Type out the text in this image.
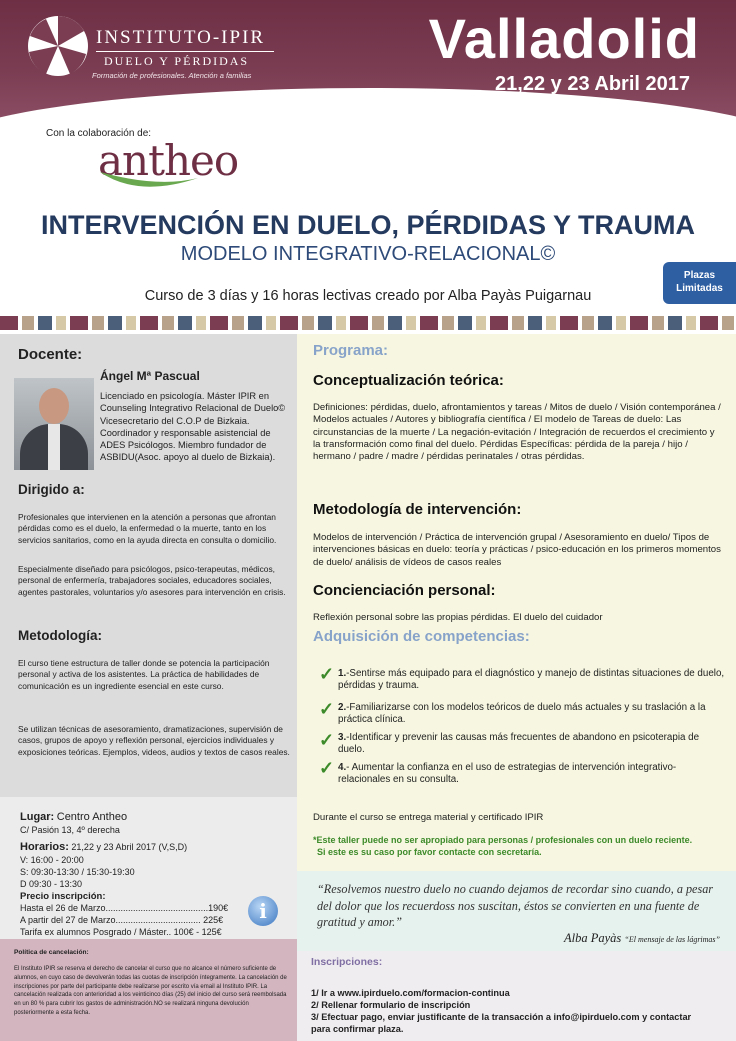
INSTITUTO-IPIR
DUELO Y PÉRDIDAS
Formación de profesionales. Atención a familias
Valladolid
21,22 y 23 Abril 2017
Con la colaboración de:
antheo
INTERVENCIÓN EN DUELO, PÉRDIDAS Y TRAUMA
MODELO INTEGRATIVO-RELACIONAL©
Curso de 3 días y 16 horas lectivas creado por Alba Payàs Puigarnau
Plazas
Limitadas
Docente:
Ángel Mª Pascual
Licenciado en psicología. Máster IPIR en Counseling Integrativo Relacional de Duelo© Vicesecretario del C.O.P de Bizkaia. Coordinador y responsable asistencial de ADES Psicólogos. Miembro fundador de ASBIDU(Asoc. apoyo al duelo de Bizkaia).
Dirigido a:
Profesionales que intervienen en la atención a personas que afrontan pérdidas como es el duelo, la enfermedad o la muerte, tanto en los servicios sanitarios, como en la ayuda directa en consulta o domicilio.
Especialmente diseñado para psicólogos, psico-terapeutas, médicos, personal de enfermería, trabajadores sociales, educadores sociales, agentes pastorales, voluntarios y/o asesores para intervención en crisis.
Metodología:
El curso tiene estructura de taller donde se potencia la participación personal y activa de los asistentes. La práctica de habilidades de comunicación es un ingrediente esencial en este curso.
Se utilizan técnicas de asesoramiento, dramatizaciones, supervisión de casos, grupos de apoyo y reflexión personal, ejercicios individuales y exposiciones teóricas. Ejemplos, videos, audios y textos de casos reales.
Lugar: Centro Antheo
C/ Pasión 13, 4º derecha
Horarios: 21,22 y 23 Abril 2017 (V,S,D)
V: 16:00 - 20:00
S: 09:30-13:30 / 15:30-19:30
D 09:30 - 13:30
Precio inscripción:
Hasta el 26 de Marzo.........................................190€
A partir del 27 de Marzo.................................. 225€
Tarifa ex alumnos Posgrado / Máster.. 100€ - 125€
i
Política de cancelación:
El Instituto IPIR se reserva el derecho de cancelar el curso que no alcance el número suficiente de alumnos, en cuyo caso de devolverán todas las cuotas de inscripción íntegramente. La cancelación de inscripciones por parte del participante debe realizarse por escrito vía email al Instituto IPIR. La cancelación realizada con anterioridad a los veinticinco días (25) del inicio del curso será reembolsada en un 80 % para cubrir los gastos de administración.NO se realizará ninguna devolución posteriormente a esta fecha.
Programa:
Conceptualización teórica:
Definiciones: pérdidas, duelo, afrontamientos y tareas / Mitos de duelo / Visión contemporánea / Modelos actuales / Autores y bibliografía científica / El modelo de Tareas de duelo: Las circunstancias de la muerte / La negación-evitación / Integración de recuerdos el crecimiento y la transformación como final del duelo. Pérdidas Específicas: pérdida de la pareja / hijo / hermano / padre / madre / pérdidas perinatales / otras pérdidas.
Metodología de intervención:
Modelos de intervención / Práctica de intervención grupal / Asesoramiento en duelo/ Tipos de intervenciones básicas en duelo: teoría y prácticas / psico-educación en los primeros momentos de duelo/ análisis de vídeos de casos reales
Concienciación personal:
Reflexión personal sobre las propias pérdidas. El duelo del cuidador
Adquisición de competencias:
✓ 1.-Sentirse más equipado para el diagnóstico y manejo de distintas situaciones de duelo, pérdidas y trauma.
✓ 2.-Familiarizarse con los modelos teóricos de duelo más actuales y su traslación a la práctica clínica.
✓ 3.-Identificar y prevenir las causas más frecuentes de abandono en psicoterapia de duelo.
✓ 4.- Aumentar la confianza en el uso de estrategias de intervención integrativo-relacionales en su consulta.
Durante el curso se entrega material y certificado IPIR
*Este taller puede no ser apropiado para personas / profesionales con un duelo reciente.
Si este es su caso por favor contacte con secretaría.
“Resolvemos nuestro duelo no cuando dejamos de recordar sino cuando, a pesar del dolor que los recuerdoss nos suscitan, éstos se convierten en una fuente de gratitud y amor.”
Alba Payàs “El mensaje de las lágrimas”
Inscripciones:
1/ Ir a www.ipirduelo.com/formacion-continua
2/ Rellenar formulario de inscripción
3/ Efectuar pago, enviar justificante de la transacción a info@ipirduelo.com y contactar
para confirmar plaza.
